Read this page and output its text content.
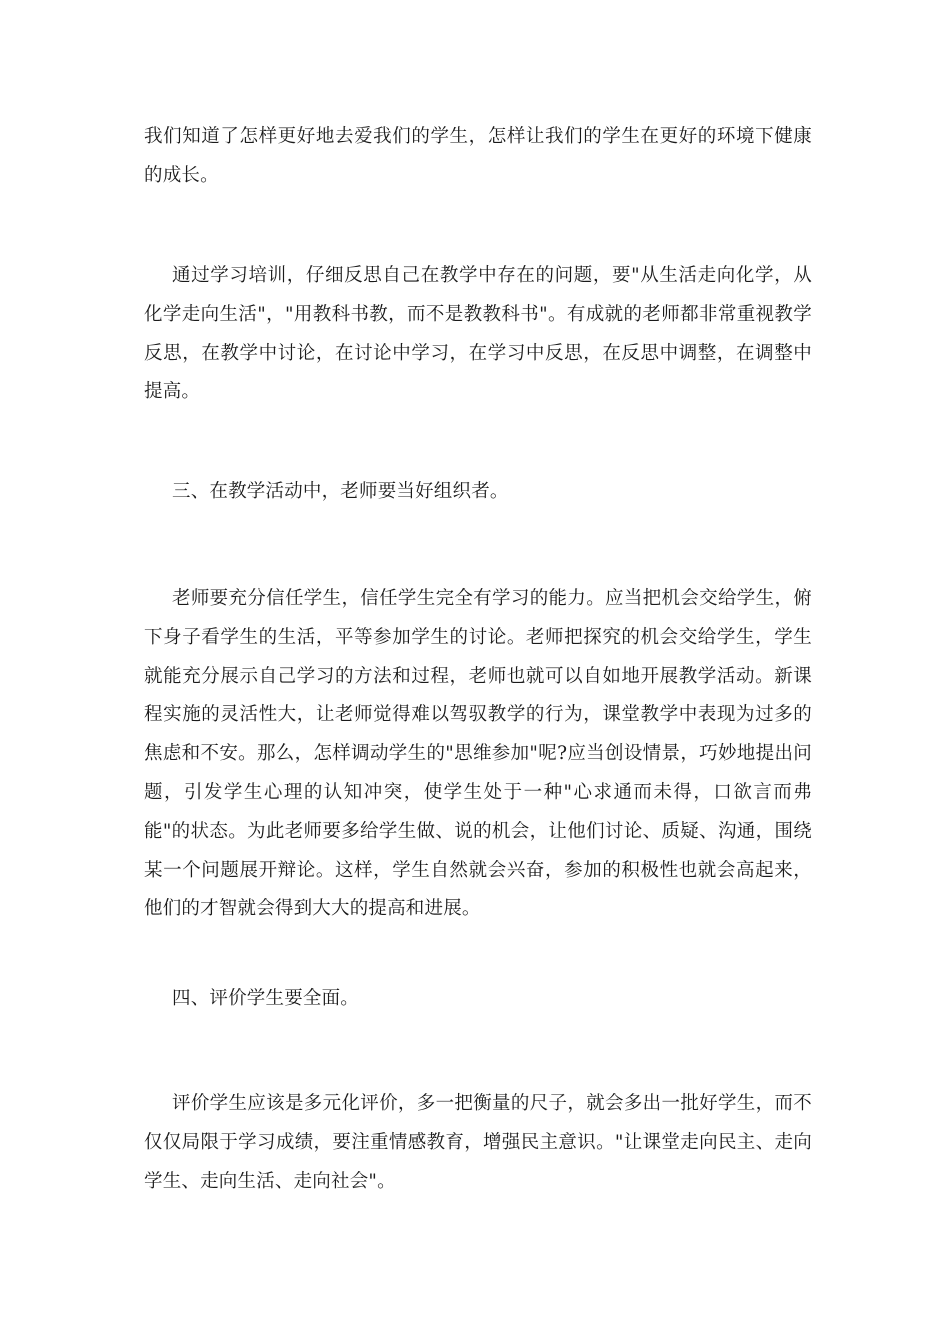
我们知道了怎样更好地去爱我们的学生，怎样让我们的学生在更好的环境下健康的成长。

通过学习培训，仔细反思自己在教学中存在的问题，要"从生活走向化学，从化学走向生活"，"用教科书教，而不是教教科书"。有成就的老师都非常重视教学反思，在教学中讨论，在讨论中学习，在学习中反思，在反思中调整，在调整中提高。

三、在教学活动中，老师要当好组织者。

老师要充分信任学生，信任学生完全有学习的能力。应当把机会交给学生，俯下身子看学生的生活，平等参加学生的讨论。老师把探究的机会交给学生，学生就能充分展示自己学习的方法和过程，老师也就可以自如地开展教学活动。新课程实施的灵活性大，让老师觉得难以驾驭教学的行为，课堂教学中表现为过多的焦虑和不安。那么，怎样调动学生的"思维参加"呢?应当创设情景，巧妙地提出问题，引发学生心理的认知冲突，使学生处于一种"心求通而未得，口欲言而弗能"的状态。为此老师要多给学生做、说的机会，让他们讨论、质疑、沟通，围绕某一个问题展开辩论。这样，学生自然就会兴奋，参加的积极性也就会高起来，他们的才智就会得到大大的提高和进展。

四、评价学生要全面。

评价学生应该是多元化评价，多一把衡量的尺子，就会多出一批好学生，而不仅仅局限于学习成绩，要注重情感教育，增强民主意识。"让课堂走向民主、走向学生、走向生活、走向社会"。
